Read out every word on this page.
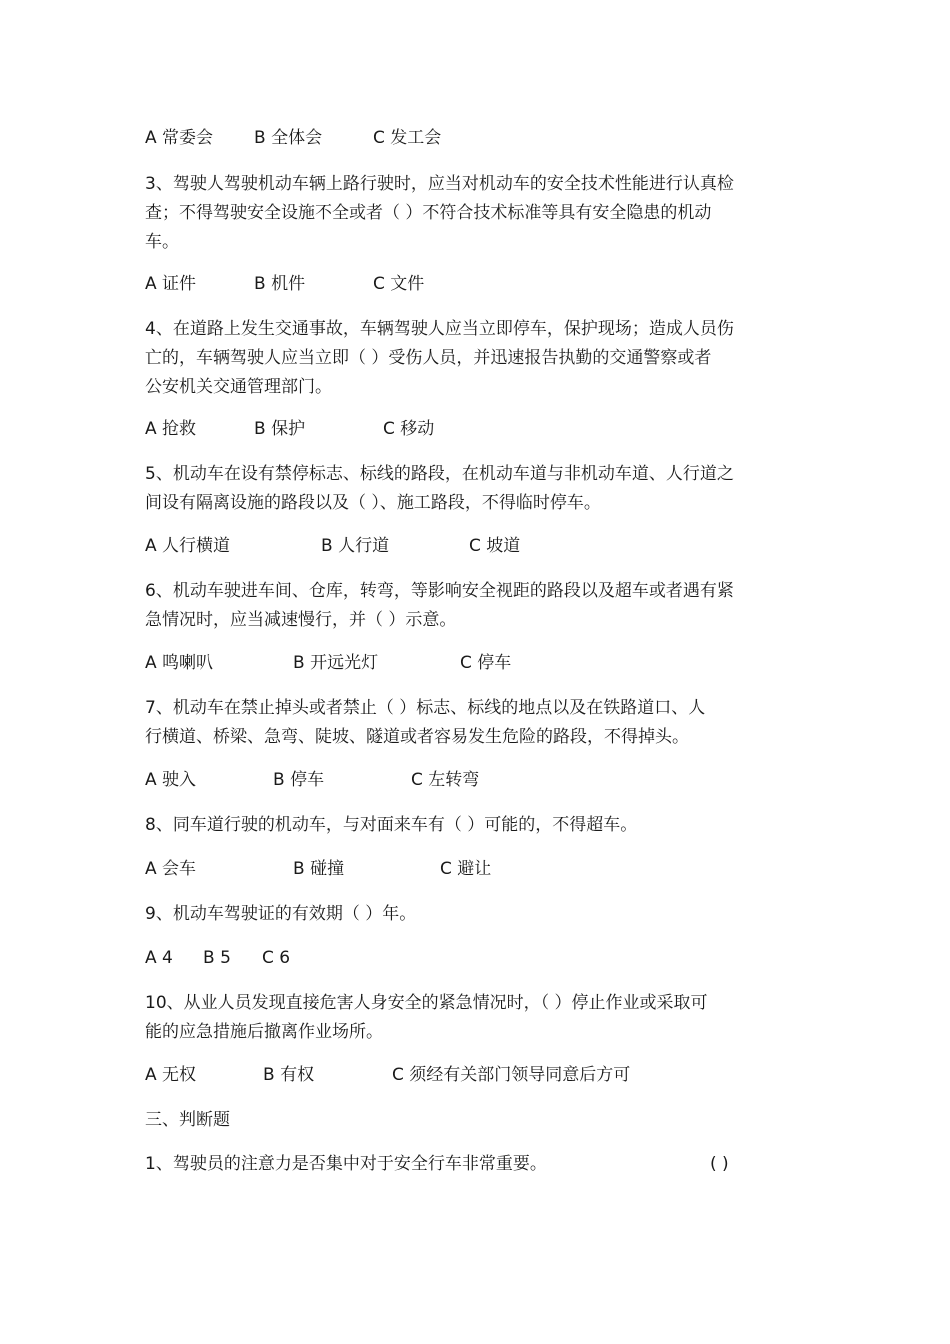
A 常委会 B 全体会	C 发工会
3、驾驶人驾驶机动车辆上路行驶时，应当对机动车的安全技术性能进行认真检
查；不得驾驶安全设施不全或者（ ）不符合技术标准等具有安全隐患的机动
车。
A 证件	B 机件	C 文件
4、在道路上发生交通事故，车辆驾驶人应当立即停车，保护现场；造成人员伤
亡的，车辆驾驶人应当立即（ ）受伤人员，并迅速报告执勤的交通警察或者
公安机关交通管理部门。
A 抢救	B 保护	C 移动
5、机动车在设有禁停标志、标线的路段，在机动车道与非机动车道、人行道之
间设有隔离设施的路段以及（ ）、施工路段，不得临时停车。
A 人行横道	B 人行道	C 坡道
6、机动车驶进车间、仓库，转弯，等影响安全视距的路段以及超车或者遇有紧
急情况时，应当减速慢行，并（ ）示意。
A 鸣喇叭	B 开远光灯	C 停车
7、机动车在禁止掉头或者禁止（ ）标志、标线的地点以及在铁路道口、人
行横道、桥梁、急弯、陡坡、隧道或者容易发生危险的路段，不得掉头。
A 驶入	B 停车	C 左转弯
8、同车道行驶的机动车，与对面来车有（ ）可能的，不得超车。
A 会车	B 碰撞	C 避让
9、机动车驾驶证的有效期（ ）年。
A 4 B 5 C 6
10、从业人员发现直接危害人身安全的紧急情况时，（ ）停止作业或采取可
能的应急措施后撤离作业场所。
A 无权	B 有权	C 须经有关部门领导同意后方可
三、判断题
1、驾驶员的注意力是否集中对于安全行车非常重要。	( )
